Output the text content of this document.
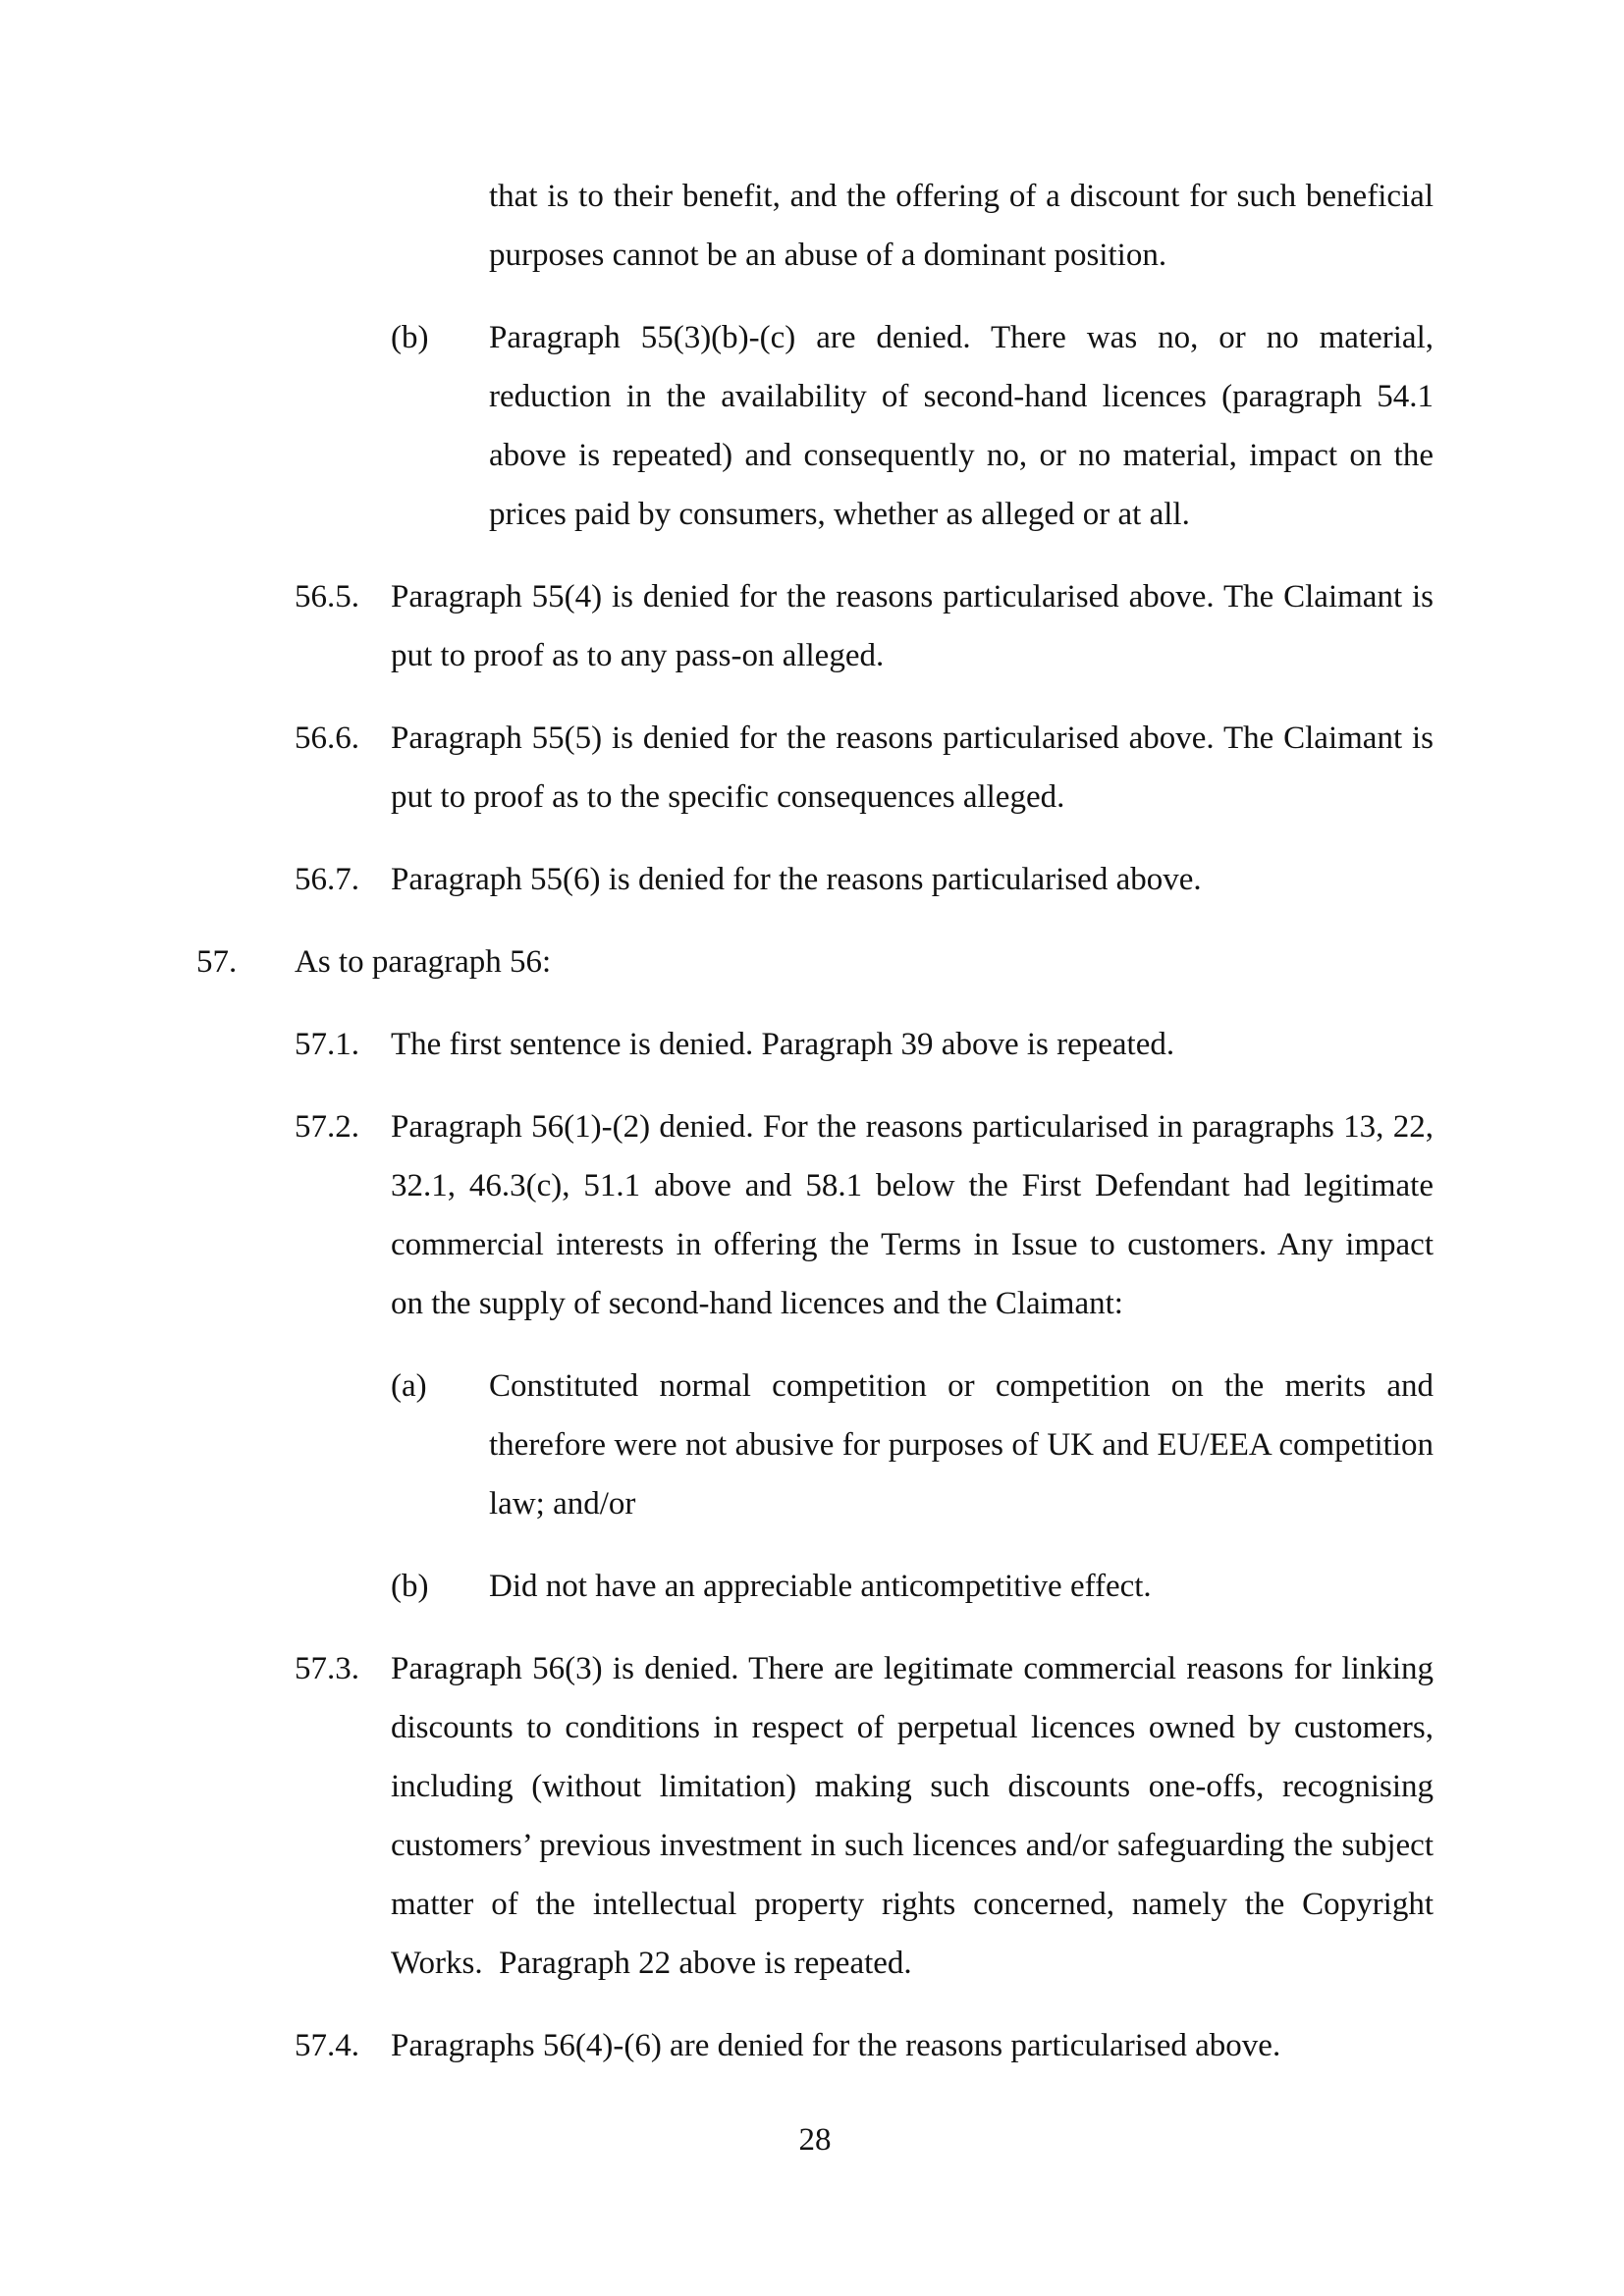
that is to their benefit, and the offering of a discount for such beneficial
purposes cannot be an abuse of a dominant position.
(b)	Paragraph 55(3)(b)-(c) are denied. There was no, or no material,
reduction in the availability of second-hand licences (paragraph 54.1
above is repeated) and consequently no, or no material, impact on the
prices paid by consumers, whether as alleged or at all.
56.5. Paragraph 55(4) is denied for the reasons particularised above. The Claimant is
put to proof as to any pass-on alleged.
56.6. Paragraph 55(5) is denied for the reasons particularised above. The Claimant is
put to proof as to the specific consequences alleged.
56.7. Paragraph 55(6) is denied for the reasons particularised above.
57.	As to paragraph 56:
57.1. The first sentence is denied. Paragraph 39 above is repeated.
57.2. Paragraph 56(1)-(2) denied. For the reasons particularised in paragraphs 13, 22,
32.1, 46.3(c), 51.1 above and 58.1 below the First Defendant had legitimate
commercial interests in offering the Terms in Issue to customers. Any impact
on the supply of second-hand licences and the Claimant:
(a)	Constituted normal competition or competition on the merits and
therefore were not abusive for purposes of UK and EU/EEA competition
law; and/or
(b)	Did not have an appreciable anticompetitive effect.
57.3. Paragraph 56(3) is denied. There are legitimate commercial reasons for linking
discounts to conditions in respect of perpetual licences owned by customers,
including (without limitation) making such discounts one-offs, recognising
customers’ previous investment in such licences and/or safeguarding the subject
matter of the intellectual property rights concerned, namely the Copyright
Works.  Paragraph 22 above is repeated.
57.4. Paragraphs 56(4)-(6) are denied for the reasons particularised above.
28
